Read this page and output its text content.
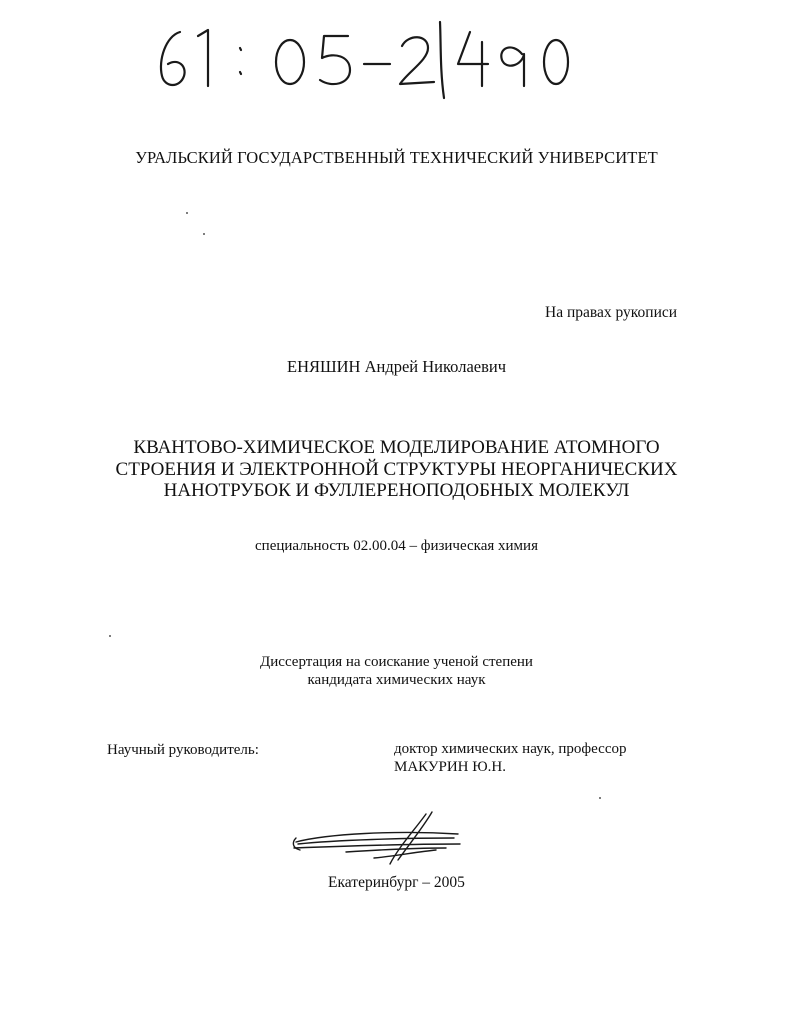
УРАЛЬСКИЙ ГОСУДАРСТВЕННЫЙ ТЕХНИЧЕСКИЙ УНИВЕРСИТЕТ
На правах рукописи
ЕНЯШИН Андрей Николаевич
КВАНТОВО-ХИМИЧЕСКОЕ МОДЕЛИРОВАНИЕ АТОМНОГО
СТРОЕНИЯ И ЭЛЕКТРОННОЙ СТРУКТУРЫ НЕОРГАНИЧЕСКИХ
НАНОТРУБОК И ФУЛЛЕРЕНОПОДОБНЫХ МОЛЕКУЛ
специальность 02.00.04 – физическая химия
Диссертация на соискание ученой степени
кандидата химических наук
Научный руководитель:	доктор химических наук, профессор
МАКУРИН Ю.Н.
Екатеринбург – 2005
